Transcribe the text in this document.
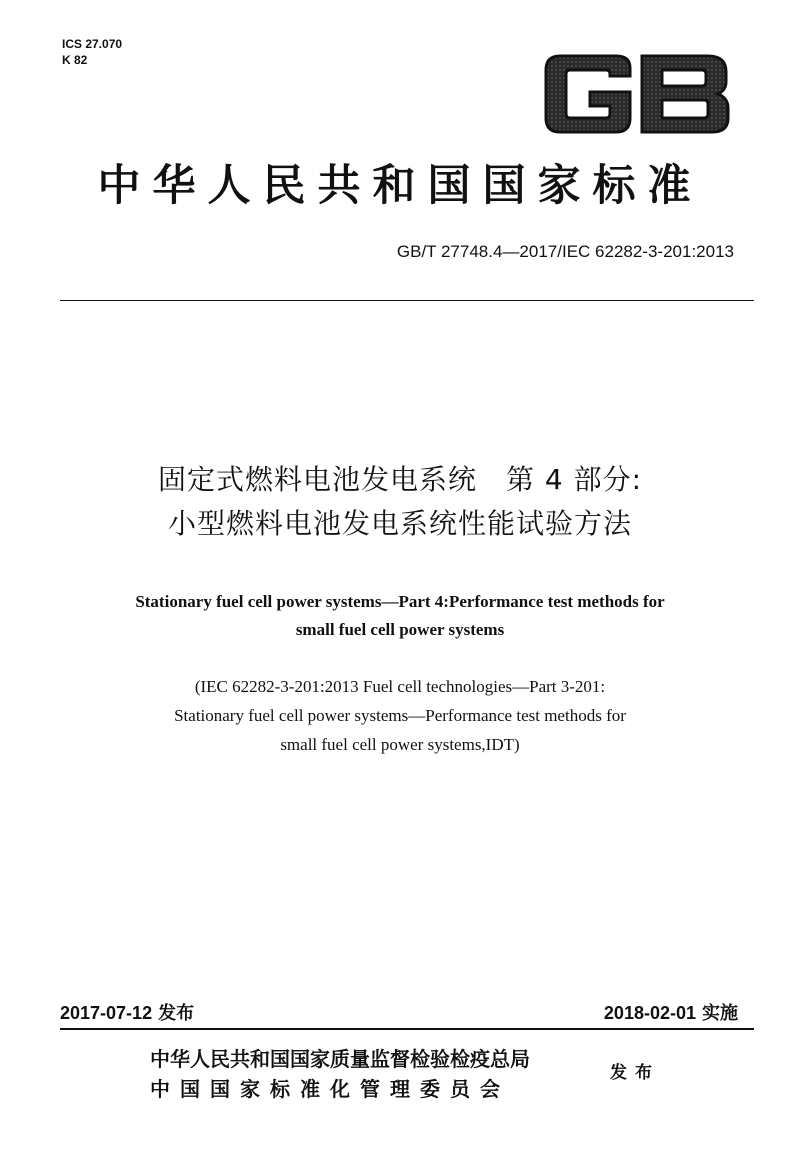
ICS 27.070
K 82
中华人民共和国国家标准
GB/T 27748.4—2017/IEC 62282-3-201:2013
固定式燃料电池发电系统　第 4 部分:
小型燃料电池发电系统性能试验方法
Stationary fuel cell power systems—Part 4:Performance test methods for
small fuel cell power systems
(IEC 62282-3-201:2013 Fuel cell technologies—Part 3-201:
Stationary fuel cell power systems—Performance test methods for
small fuel cell power systems,IDT)
2017-07-12 发布	2018-02-01 实施
中华人民共和国国家质量监督检验检疫总局
中国国家标准化管理委员会
发布
